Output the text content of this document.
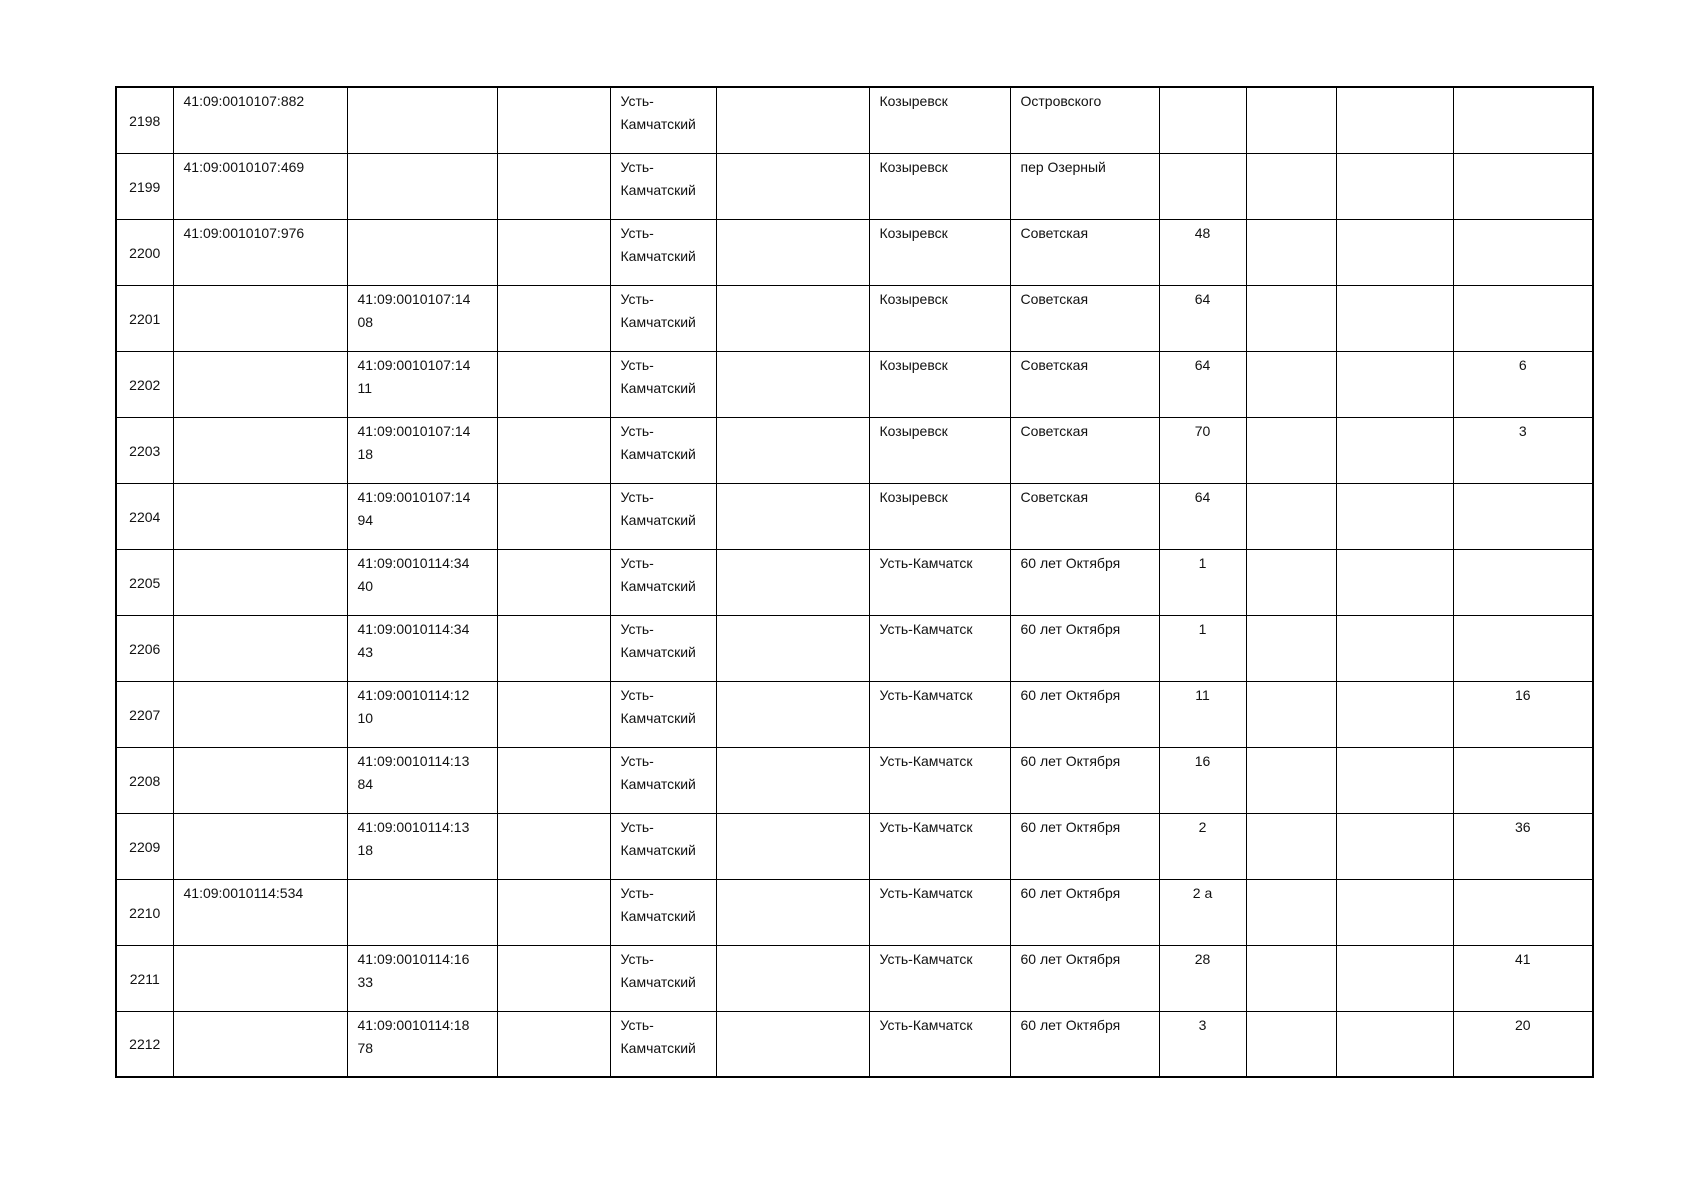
2198	41:09:0010107:882			Усть-
Камчатский		Козыревск	Островского				

2199	41:09:0010107:469			Усть-
Камчатский		Козыревск	пер Озерный				

2200	41:09:0010107:976			Усть-
Камчатский		Козыревск	Советская	48			

2201		41:09:0010107:14
08		Усть-
Камчатский		Козыревск	Советская	64			

2202		41:09:0010107:14
11		Усть-
Камчатский		Козыревск	Советская	64			6

2203		41:09:0010107:14
18		Усть-
Камчатский		Козыревск	Советская	70			3

2204		41:09:0010107:14
94		Усть-
Камчатский		Козыревск	Советская	64			

2205		41:09:0010114:34
40		Усть-
Камчатский		Усть-Камчатск	60 лет Октября	1			

2206		41:09:0010114:34
43		Усть-
Камчатский		Усть-Камчатск	60 лет Октября	1			

2207		41:09:0010114:12
10		Усть-
Камчатский		Усть-Камчатск	60 лет Октября	11			16

2208		41:09:0010114:13
84		Усть-
Камчатский		Усть-Камчатск	60 лет Октября	16			

2209		41:09:0010114:13
18		Усть-
Камчатский		Усть-Камчатск	60 лет Октября	2			36

2210	41:09:0010114:534			Усть-
Камчатский		Усть-Камчатск	60 лет Октября	2 а			

2211		41:09:0010114:16
33		Усть-
Камчатский		Усть-Камчатск	60 лет Октября	28			41

2212		41:09:0010114:18
78		Усть-
Камчатский		Усть-Камчатск	60 лет Октября	3			20
